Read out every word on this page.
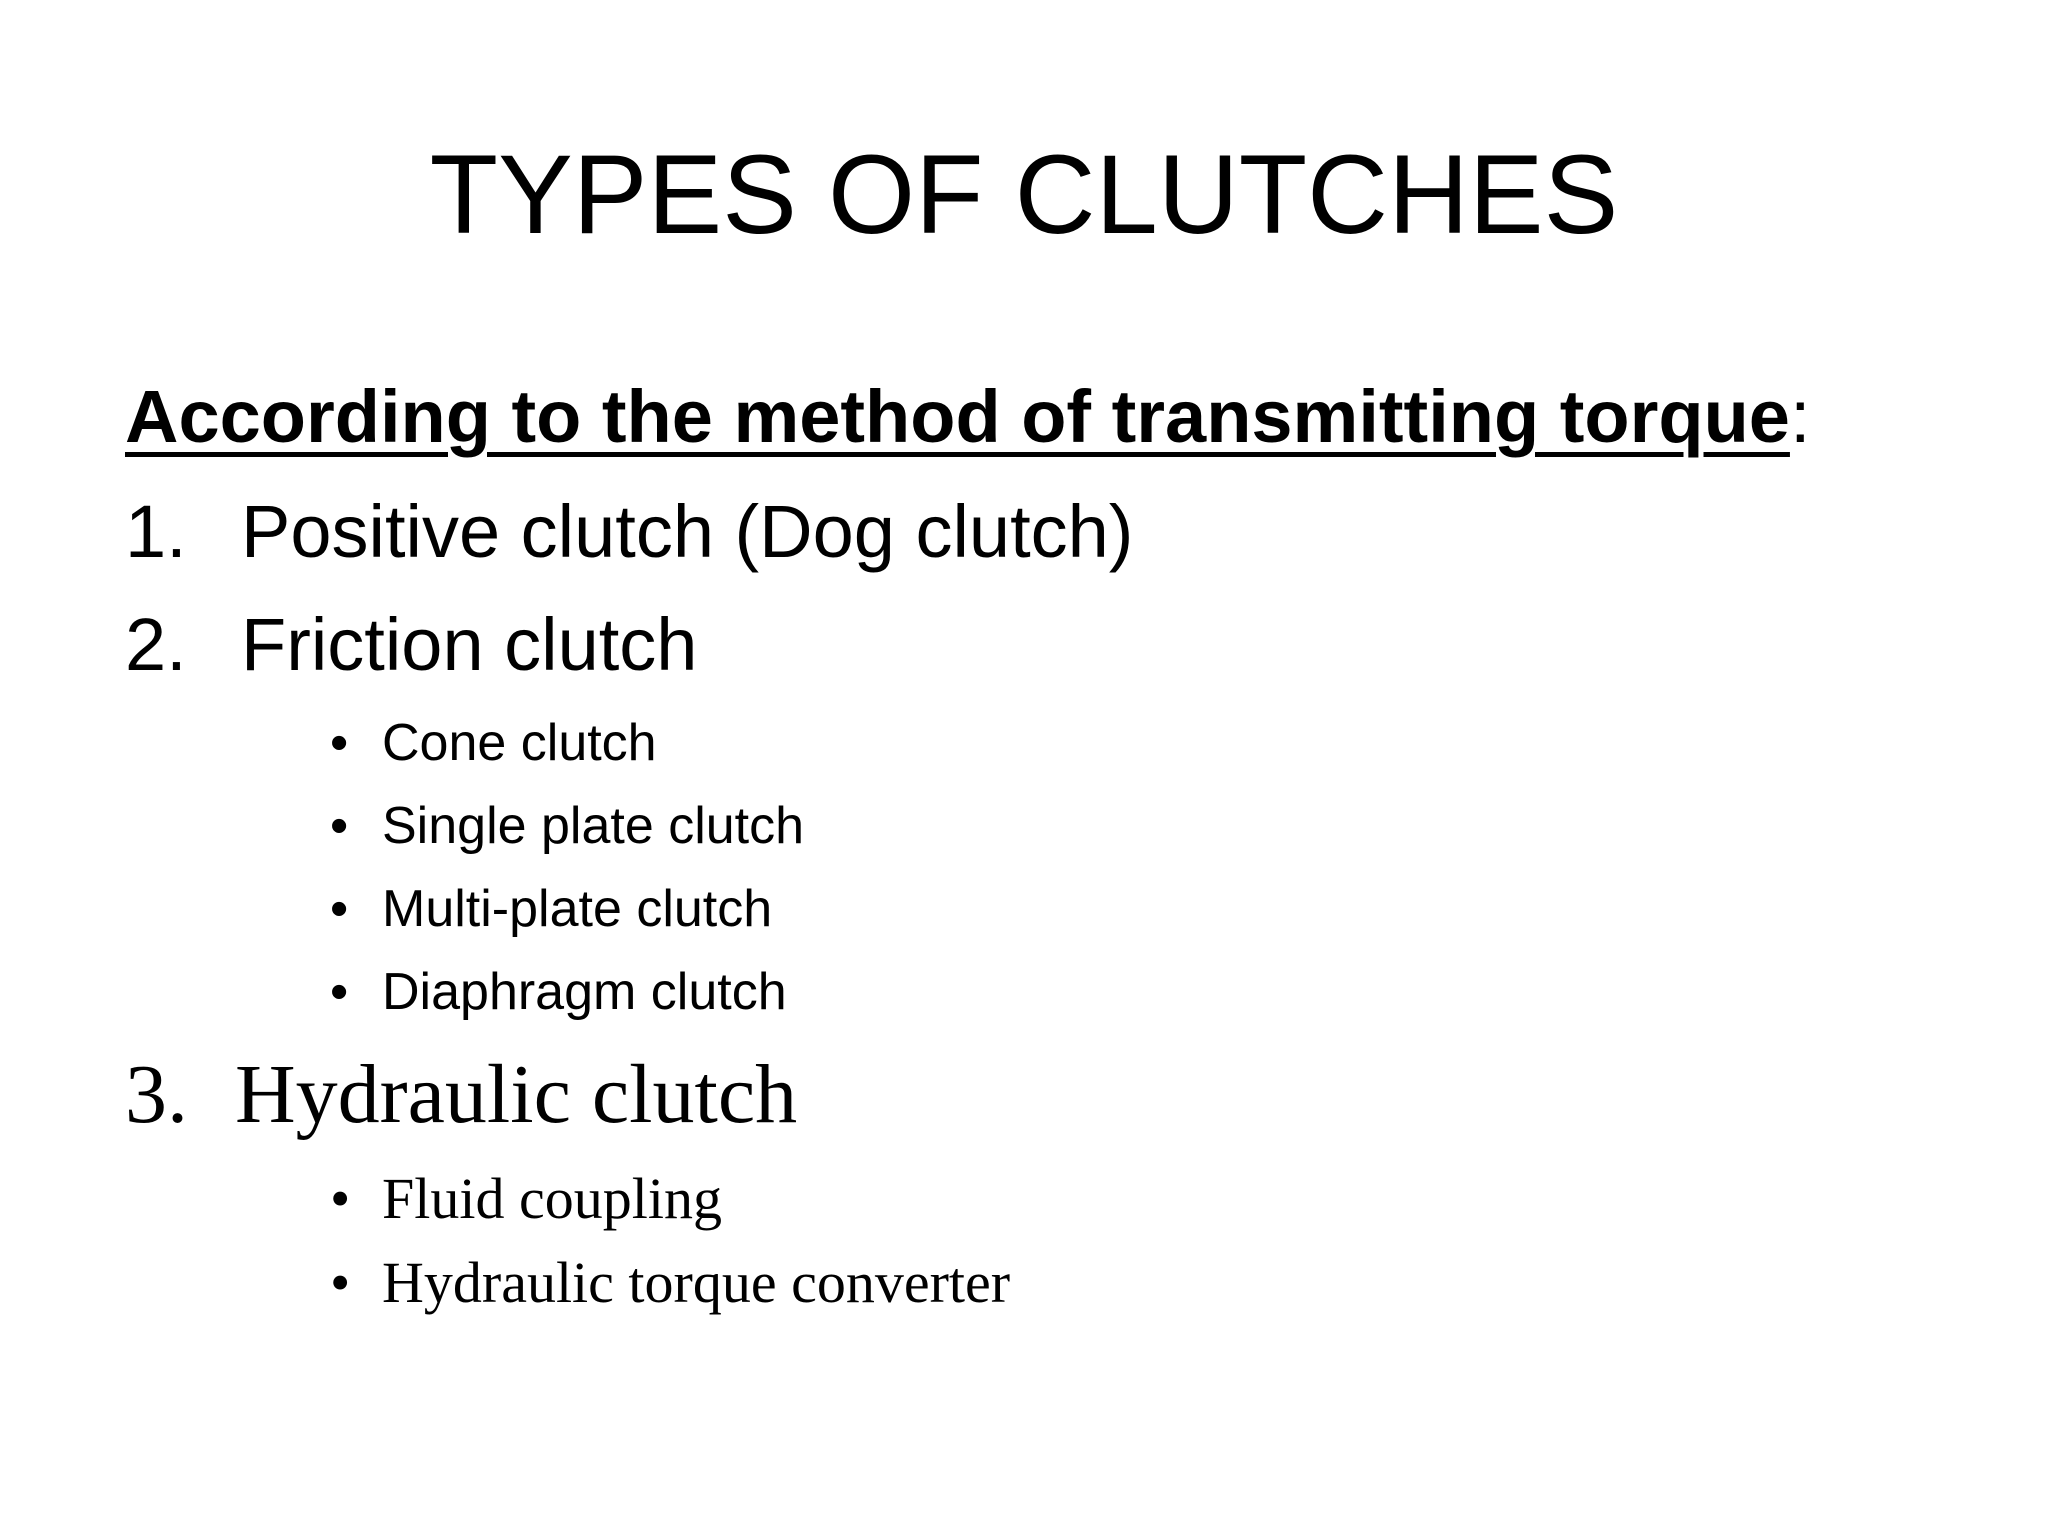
TYPES OF CLUTCHES
According to the method of transmitting torque:
1. Positive clutch (Dog clutch)
2. Friction clutch
• Cone clutch
• Single plate clutch
• Multi-plate clutch
• Diaphragm clutch
3. Hydraulic clutch
• Fluid coupling
• Hydraulic torque converter
